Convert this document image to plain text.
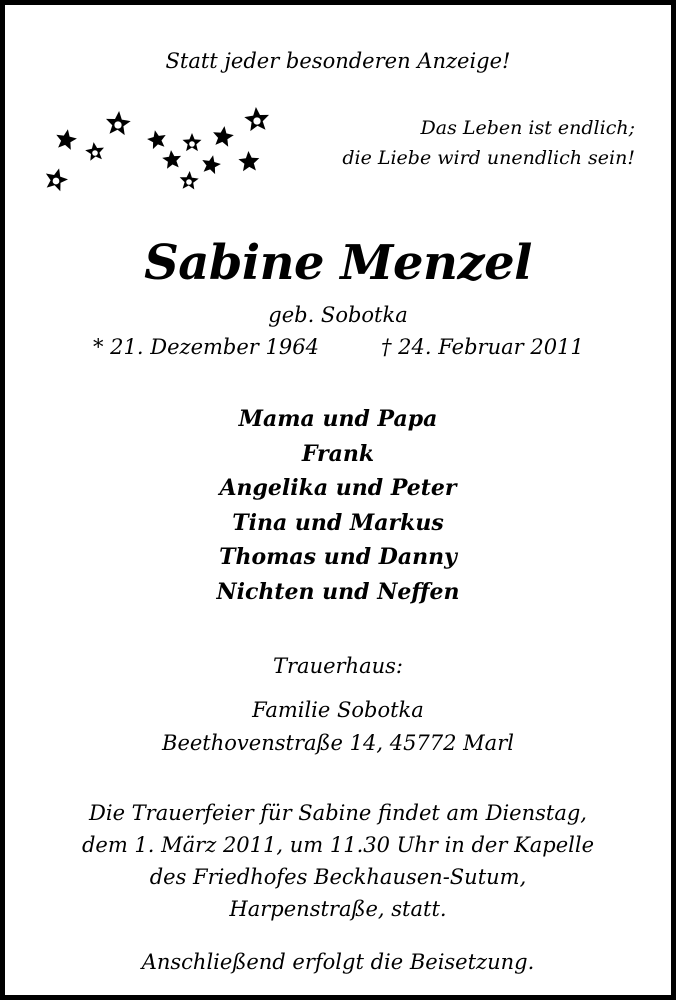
Statt jeder besonderen Anzeige!
Das Leben ist endlich;
die Liebe wird unendlich sein!
Sabine Menzel
geb. Sobotka
* 21. Dezember 1964	† 24. Februar 2011
Mama und Papa
Frank
Angelika und Peter
Tina und Markus
Thomas und Danny
Nichten und Neffen
Trauerhaus:
Familie Sobotka
Beethovenstraße 14, 45772 Marl
Die Trauerfeier für Sabine findet am Dienstag,
dem 1. März 2011, um 11.30 Uhr in der Kapelle
des Friedhofes Beckhausen-Sutum,
Harpenstraße, statt.
Anschließend erfolgt die Beisetzung.
